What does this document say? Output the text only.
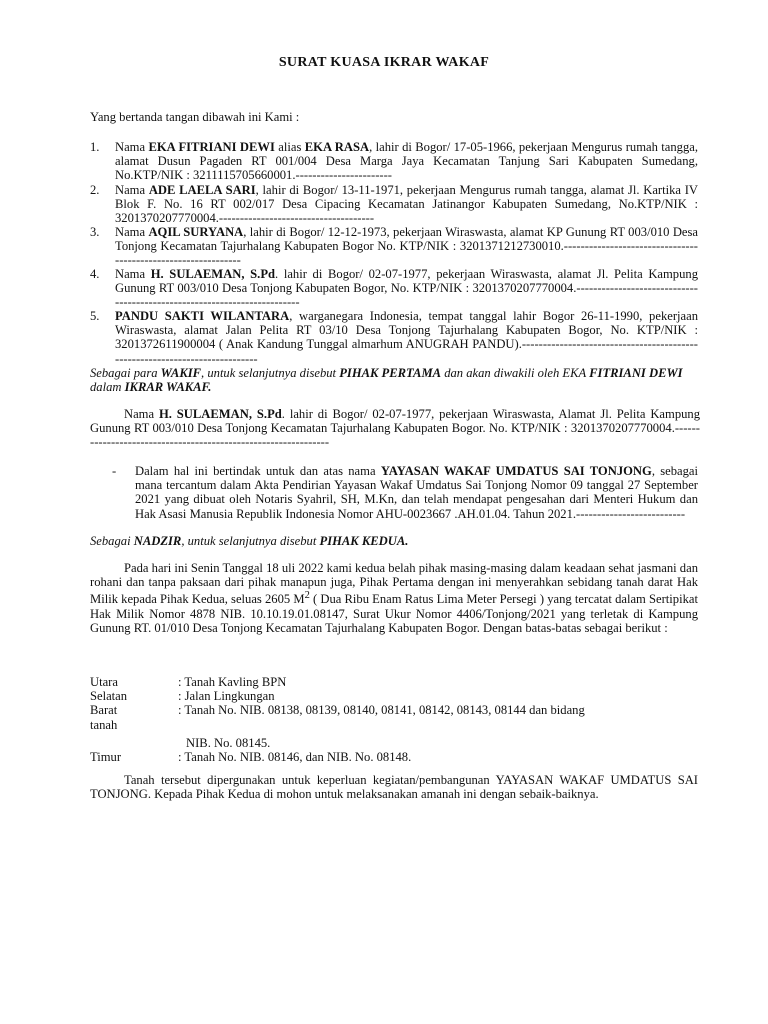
SURAT KUASA IKRAR WAKAF
Yang bertanda tangan dibawah ini Kami :
1. Nama EKA FITRIANI DEWI alias EKA RASA, lahir di Bogor/ 17-05-1966, pekerjaan Mengurus rumah tangga, alamat Dusun Pagaden RT 001/004 Desa Marga Jaya Kecamatan Tanjung Sari Kabupaten Sumedang, No.KTP/NIK : 3211115705660001.-----------------------
2. Nama ADE LAELA SARI, lahir di Bogor/ 13-11-1971, pekerjaan Mengurus rumah tangga, alamat Jl. Kartika IV Blok F. No. 16 RT 002/017 Desa Cipacing Kecamatan Jatinangor Kabupaten Sumedang, No.KTP/NIK : 3201370207770004.-------------------------------------
3. Nama AQIL SURYANA, lahir di Bogor/ 12-12-1973, pekerjaan Wiraswasta, alamat KP Gunung RT 003/010 Desa Tonjong Kecamatan Tajurhalang Kabupaten Bogor No. KTP/NIK : 3201371212730010.--------------------------------------------------------------
4. Nama H. SULAEMAN, S.Pd. lahir di Bogor/ 02-07-1977, pekerjaan Wiraswasta, alamat Jl. Pelita Kampung Gunung RT 003/010 Desa Tonjong Kabupaten Bogor, No. KTP/NIK : 3201370207770004.-------------------------------------------------------------------------
5. PANDU SAKTI WILANTARA, warganegara Indonesia, tempat tanggal lahir Bogor 26-11-1990, pekerjaan Wiraswasta, alamat Jalan Pelita RT 03/10 Desa Tonjong Tajurhalang Kabupaten Bogor, No. KTP/NIK : 3201372611900004 ( Anak Kandung Tunggal almarhum ANUGRAH PANDU).----------------------------------------------------------------------------
Sebagai para WAKIF, untuk selanjutnya disebut PIHAK PERTAMA dan akan diwakili oleh EKA FITRIANI DEWI dalam IKRAR WAKAF.
Nama H. SULAEMAN, S.Pd. lahir di Bogor/ 02-07-1977, pekerjaan Wiraswasta, Alamat Jl. Pelita Kampung Gunung RT 003/010 Desa Tonjong Kecamatan Tajurhalang Kabupaten Bogor. No. KTP/NIK : 3201370207770004.---------------------------------------------------------------
- Dalam hal ini bertindak untuk dan atas nama YAYASAN WAKAF UMDATUS SAI TONJONG, sebagai mana tercantum dalam Akta Pendirian Yayasan Wakaf Umdatus Sai Tonjong Nomor 09 tanggal 27 September 2021 yang dibuat oleh Notaris Syahril, SH, M.Kn, dan telah mendapat pengesahan dari Menteri Hukum dan Hak Asasi Manusia Republik Indonesia Nomor AHU-0023667 .AH.01.04. Tahun 2021.--------------------------
Sebagai NADZIR, untuk selanjutnya disebut PIHAK KEDUA.
Pada hari ini Senin Tanggal 18 uli 2022 kami kedua belah pihak masing-masing dalam keadaan sehat jasmani dan rohani dan tanpa paksaan dari pihak manapun juga, Pihak Pertama dengan ini menyerahkan sebidang tanah darat Hak Milik kepada Pihak Kedua, seluas 2605 $M^2$ ( Dua Ribu Enam Ratus Lima Meter Persegi ) yang tercatat dalam Sertipikat Hak Milik Nomor 4878 NIB. 10.10.19.01.08147, Surat Ukur Nomor 4406/Tonjong/2021 yang terletak di Kampung Gunung RT. 01/010 Desa Tonjong Kecamatan Tajurhalang Kabupaten Bogor. Dengan batas-batas sebagai berikut :
Utara	: Tanah Kavling BPN
Selatan	: Jalan Lingkungan
Barat	: Tanah No. NIB. 08138, 08139, 08140, 08141, 08142, 08143, 08144 dan bidang
tanah
NIB. No. 08145.
Timur	: Tanah No. NIB. 08146, dan NIB. No. 08148.
Tanah tersebut dipergunakan untuk keperluan kegiatan/pembangunan YAYASAN WAKAF UMDATUS SAI TONJONG. Kepada Pihak Kedua di mohon untuk melaksanakan amanah ini dengan sebaik-baiknya.
